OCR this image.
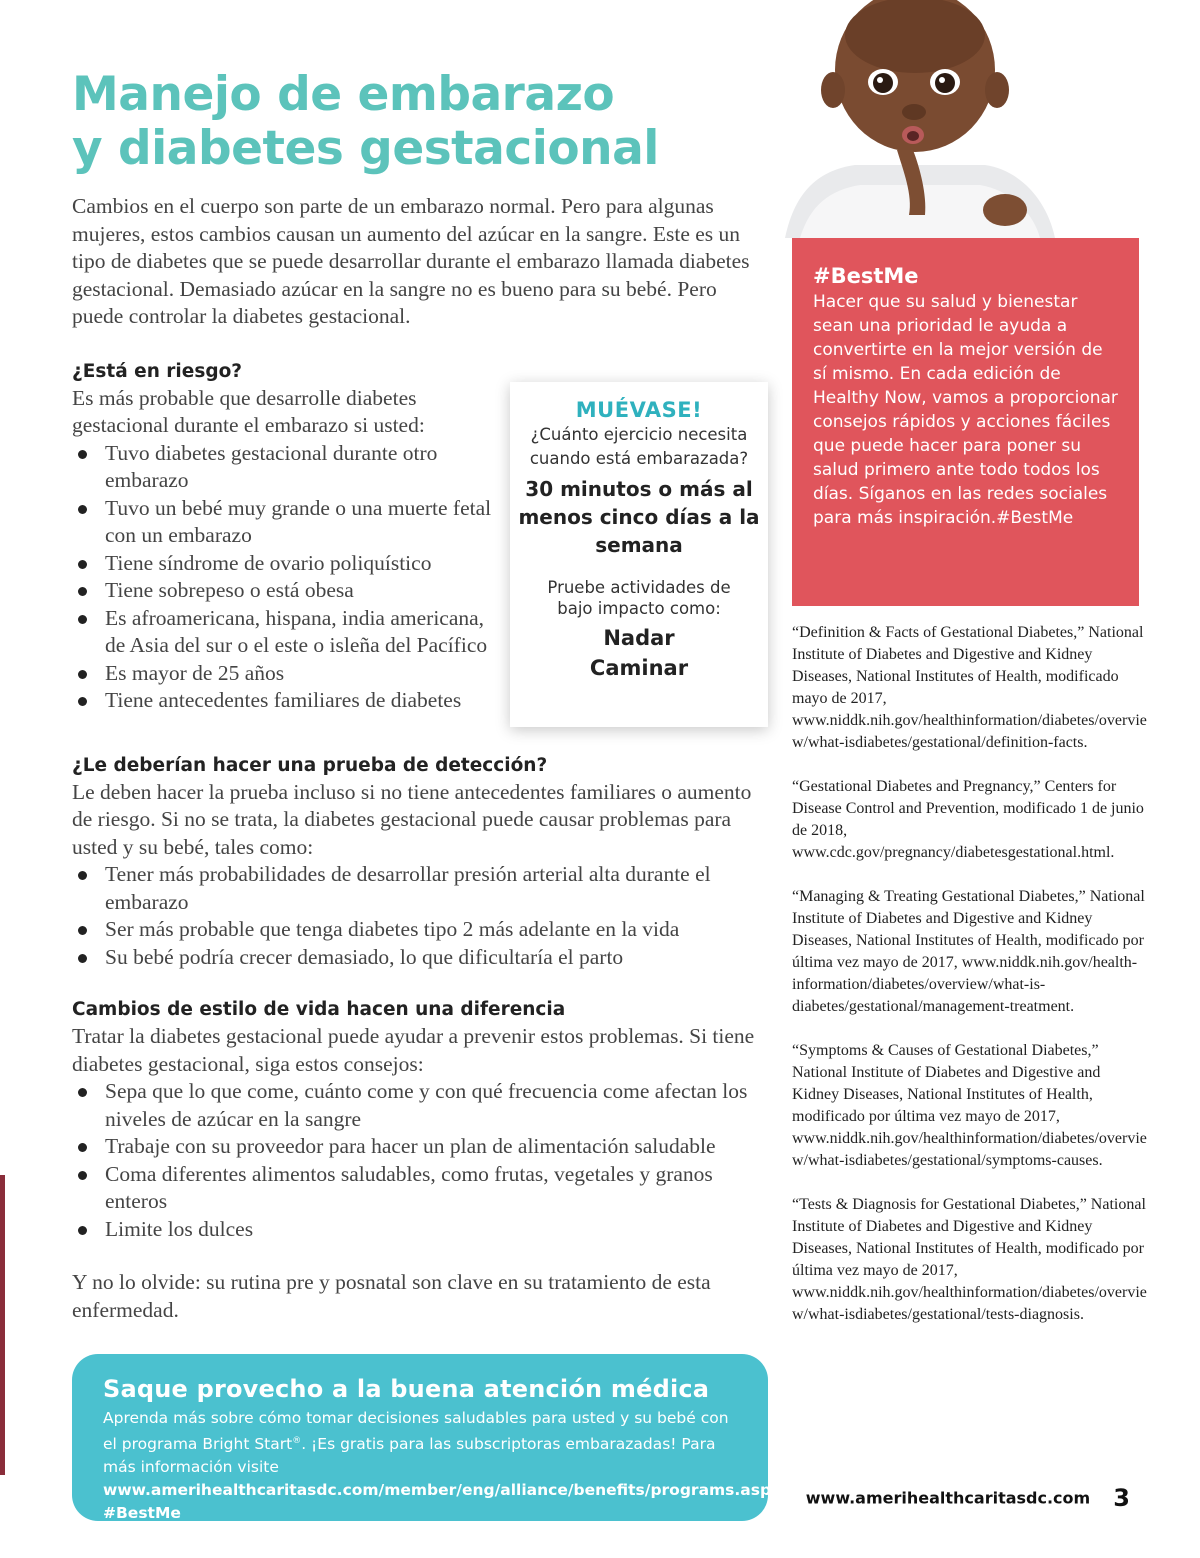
Manejo de embarazo
y diabetes gestacional

Cambios en el cuerpo son parte de un embarazo normal. Pero para algunas mujeres, estos cambios causan un aumento del azúcar en la sangre. Este es un tipo de diabetes que se puede desarrollar durante el embarazo llamada diabetes gestacional. Demasiado azúcar en la sangre no es bueno para su bebé. Pero puede controlar la diabetes gestacional.

¿Está en riesgo?

Es más probable que desarrolle diabetes gestacional durante el embarazo si usted:

Tuvo diabetes gestacional durante otro embarazo
Tuvo un bebé muy grande o una muerte fetal con un embarazo
Tiene síndrome de ovario poliquístico
Tiene sobrepeso o está obesa
Es afroamericana, hispana, india americana, de Asia del sur o el este o isleña del Pacífico
Es mayor de 25 años
Tiene antecedentes familiares de diabetes

¿Le deberían hacer una prueba de detección?

Le deben hacer la prueba incluso si no tiene antecedentes familiares o aumento de riesgo. Si no se trata, la diabetes gestacional puede causar problemas para usted y su bebé, tales como:

Tener más probabilidades de desarrollar presión arterial alta durante el embarazo
Ser más probable que tenga diabetes tipo 2 más adelante en la vida
Su bebé podría crecer demasiado, lo que dificultaría el parto

Cambios de estilo de vida hacen una diferencia

Tratar la diabetes gestacional puede ayudar a prevenir estos problemas. Si tiene diabetes gestacional, siga estos consejos:

Sepa que lo que come, cuánto come y con qué frecuencia come afectan los niveles de azúcar en la sangre
Trabaje con su proveedor para hacer un plan de alimentación saludable
Coma diferentes alimentos saludables, como frutas, vegetales y granos enteros
Limite los dulces

Y no lo olvide: su rutina pre y posnatal son clave en su tratamiento de esta enfermedad.

MUÉVASE!
¿Cuánto ejercicio necesita cuando está embarazada?
30 minutos o más al menos cinco días a la semana
Pruebe actividades de bajo impacto como:
Nadar
Caminar
#BestMe
Hacer que su salud y bienestar sean una prioridad le ayuda a convertirte en la mejor versión de sí mismo. En cada edición de Healthy Now, vamos a proporcionar consejos rápidos y acciones fáciles que puede hacer para poner su salud primero ante todo todos los días. Síganos en las redes sociales para más inspiración.#BestMe

“Definition & Facts of Gestational Diabetes,” National Institute of Diabetes and Digestive and Kidney Diseases, National Institutes of Health, modificado mayo de 2017, www.niddk.nih.gov/healthinformation/diabetes/overview/what-isdiabetes/gestational/definition-facts.

“Gestational Diabetes and Pregnancy,” Centers for Disease Control and Prevention, modificado 1 de junio de 2018, www.cdc.gov/pregnancy/diabetesgestational.html.

“Managing & Treating Gestational Diabetes,” National Institute of Diabetes and Digestive and Kidney Diseases, National Institutes of Health, modificado por última vez mayo de 2017, www.niddk.nih.gov/health-information/diabetes/overview/what-is-diabetes/gestational/management-treatment.

“Symptoms & Causes of Gestational Diabetes,” National Institute of Diabetes and Digestive and Kidney Diseases, National Institutes of Health, modificado por última vez mayo de 2017, www.niddk.nih.gov/healthinformation/diabetes/overview/what-isdiabetes/gestational/symptoms-causes.

“Tests & Diagnosis for Gestational Diabetes,” National Institute of Diabetes and Digestive and Kidney Diseases, National Institutes of Health, modificado por última vez mayo de 2017, www.niddk.nih.gov/healthinformation/diabetes/overview/what-isdiabetes/gestational/tests-diagnosis.

Saque provecho a la buena atención médica
Aprenda más sobre cómo tomar decisiones saludables para usted y su bebé con el programa Bright Start®. ¡Es gratis para las subscriptoras embarazadas! Para más información visite www.amerihealthcaritasdc.com/member/eng/alliance/benefits/programs.aspx. #BestMe
www.amerihealthcaritasdc.com 3
